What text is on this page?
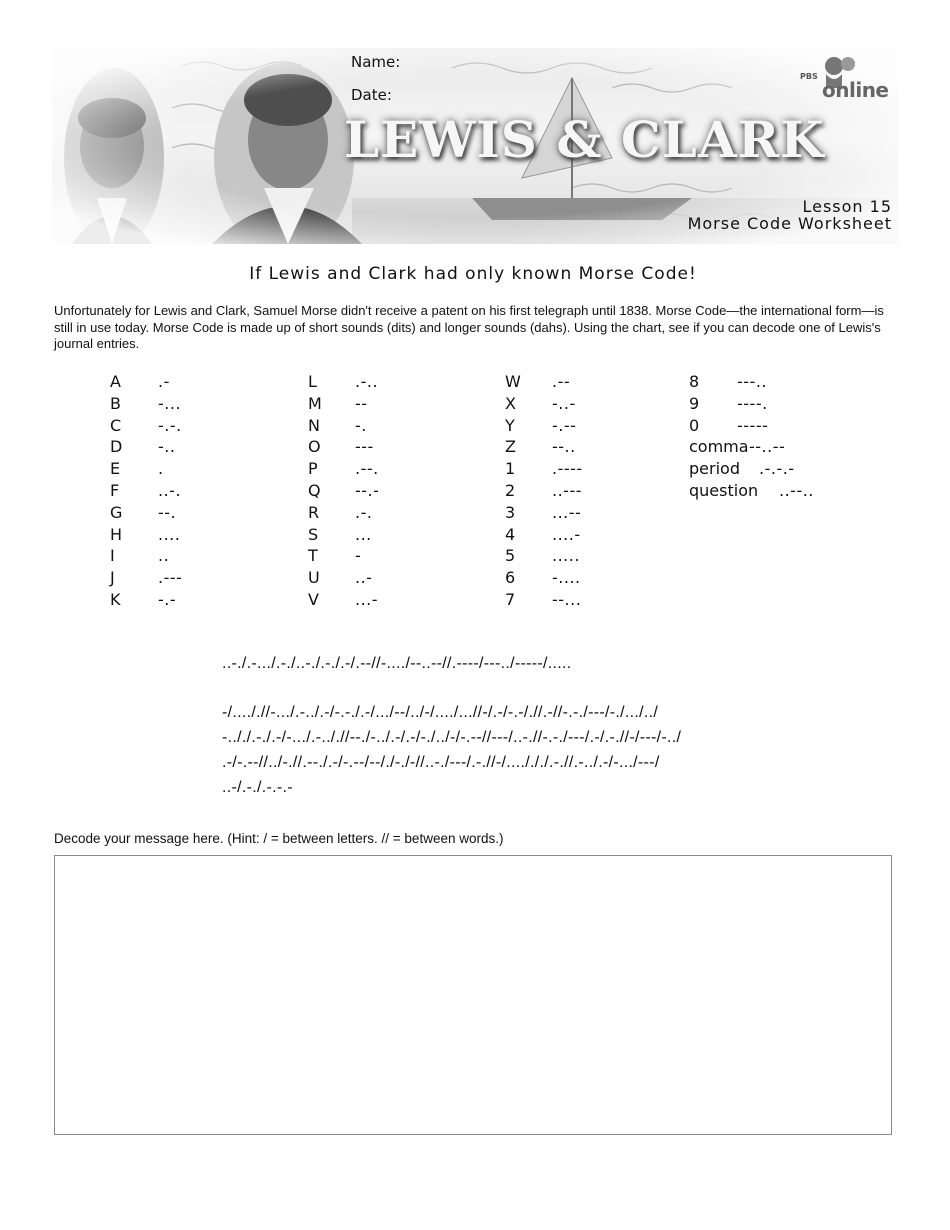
LEWIS & CLARK
Name:
Date:
PBS
online
Lesson 15
Morse Code Worksheet
If Lewis and Clark had only known Morse Code!
Unfortunately for Lewis and Clark, Samuel Morse didn't receive a patent on his first telegraph until 1838. Morse Code—the international form—is still in use today. Morse Code is made up of short sounds (dits) and longer sounds (dahs). Using the chart, see if you can decode one of Lewis's journal entries.
A .-
B -...
C -.-.
D -..
E .
F ..-.
G --.
H ....
I	..
J	.---
K -.-
L .-..
M --
N -.
O ---
P .--.
Q --.-
R .-.
S ...
T -
U ..-
V ...-
W .--
X -..-
Y -.--
Z --..
1 .----
2 ..---
3 ...--
4 ....-
5 .....
6 -....
7 --...
8 ---..
9 ----.
0 -----
comma --..--
period .-.-.-
question ..--..
..-./.-.../.-./..-./.-./.-/.--//-..../--..--//.----/---../-----/.....
-/...././/-.../.-../.-/-.-./.-/.../--/../-/..../...//-/.-/-.-/.//.-//-.-./---/-./.../../
-.././.-./.-/-.../.-.././/--./-../.-/.-/-./../-/-.--//---/..-.//-.-./---/.-/.-.//-/---/-../
.-/-.--//../-.//.--./.-/-.--/--/./-./-//..-./---/.-.//-/..../././.-.//.-../.-/-.../---/
..-/.-./.-.-.-
Decode your message here. (Hint: / = between letters. // = between words.)
